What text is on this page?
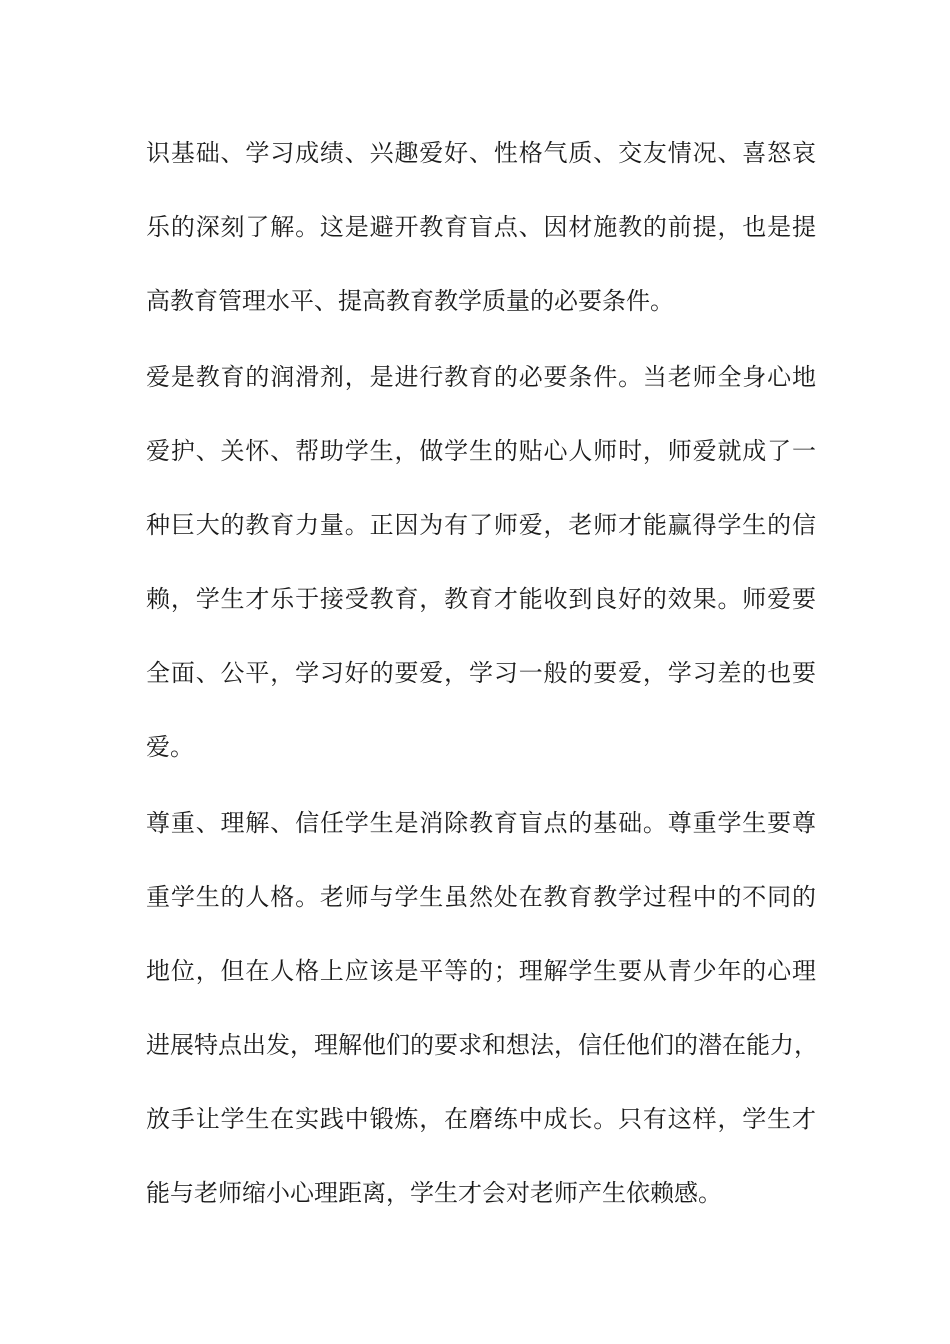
识基础、学习成绩、兴趣爱好、性格气质、交友情况、喜怒哀

乐的深刻了解。这是避开教育盲点、因材施教的前提，也是提

高教育管理水平、提高教育教学质量的必要条件。

爱是教育的润滑剂，是进行教育的必要条件。当老师全身心地

爱护、关怀、帮助学生，做学生的贴心人师时，师爱就成了一

种巨大的教育力量。正因为有了师爱，老师才能赢得学生的信

赖，学生才乐于接受教育，教育才能收到良好的效果。师爱要

全面、公平，学习好的要爱，学习一般的要爱，学习差的也要

爱。

尊重、理解、信任学生是消除教育盲点的基础。尊重学生要尊

重学生的人格。老师与学生虽然处在教育教学过程中的不同的

地位，但在人格上应该是平等的；理解学生要从青少年的心理

进展特点出发，理解他们的要求和想法，信任他们的潜在能力，

放手让学生在实践中锻炼，在磨练中成长。只有这样，学生才

能与老师缩小心理距离，学生才会对老师产生依赖感。
